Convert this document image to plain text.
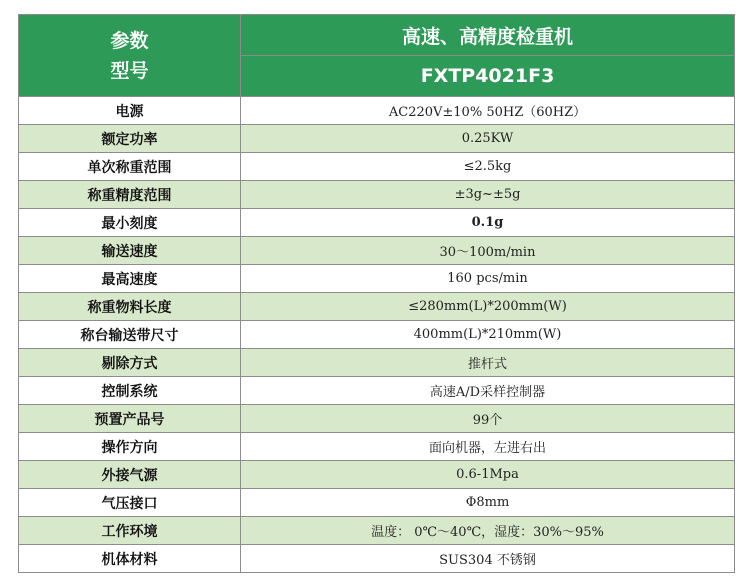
参数
型号	高速、高精度检重机
	FXTP4021F3
电源	AC220V±10% 50HZ（60HZ）
额定功率	0.25KW
单次称重范围	≤2.5kg
称重精度范围	±3g~±5g
最小刻度	0.1g
输送速度	30～100m/min
最高速度	160 pcs/min
称重物料长度	≤280mm(L)*200mm(W)
称台输送带尺寸	400mm(L)*210mm(W)
剔除方式	推杆式
控制系统	高速A/D采样控制器
预置产品号	99个
操作方向	面向机器，左进右出
外接气源	0.6-1Mpa
气压接口	Φ8mm
工作环境	温度： 0℃～40℃，湿度：30%～95%
机体材料	SUS304 不锈钢
